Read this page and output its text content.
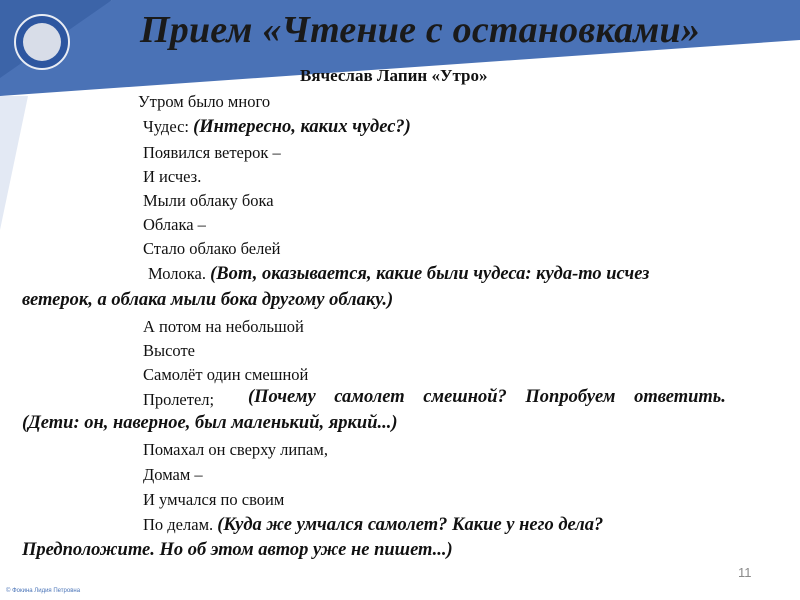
Прием «Чтение с остановками»
Вячеслав Лапин «Утро»
Утром было много
Чудес: (Интересно, каких чудес?)
Появился ветерок –
И исчез.
Мыли облаку бока
Облака –
Стало облако белей
Молока. (Вот, оказывается, какие были чудеса: куда-то исчез
ветерок, а облака мыли бока другому облаку.)
А потом на небольшой
Высоте
Самолёт один смешной
Пролетел; (Почему самолет смешной? Попробуем ответить.
(Дети: он, наверное, был маленький, яркий...)
Помахал он сверху липам,
Домам –
И умчался по своим
По делам. (Куда же умчался самолет? Какие у него дела?
Предположите. Но об этом автор уже не пишет...)
11
© Фокина Лидия Петровна
